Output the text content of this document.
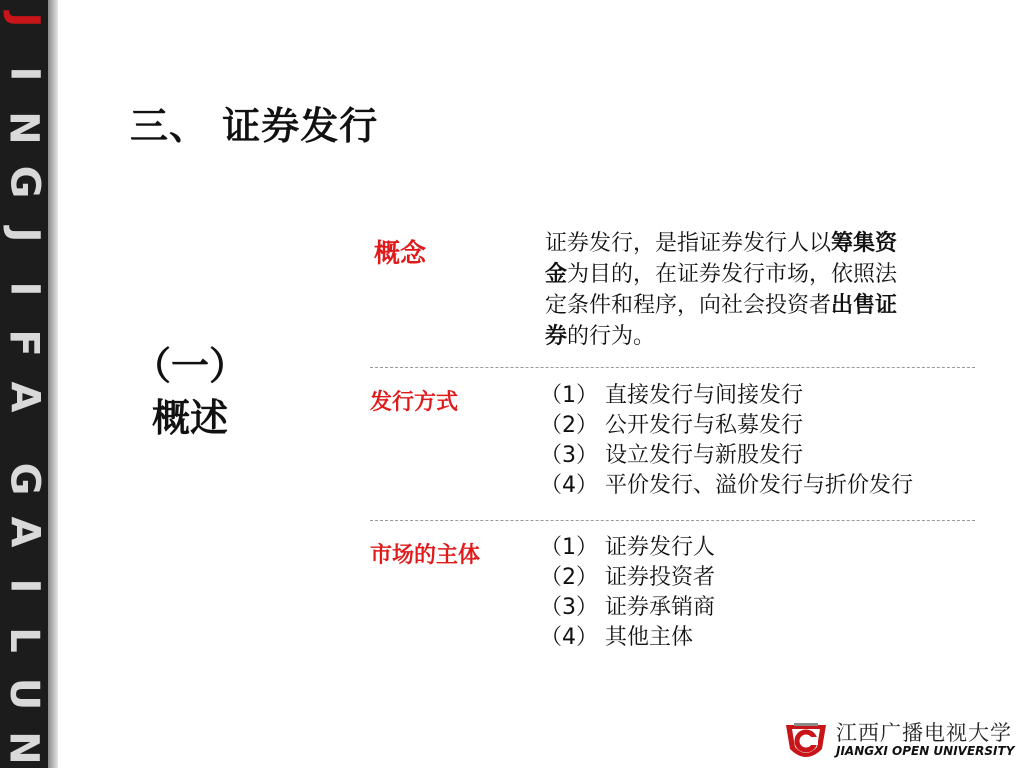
J
I
N
G
J
I
F
A
G
A
I
L
U
N
三、 证券发行
（一）
概述
概念	证券发行，是指证券发行人以筹集资
金为目的，在证券发行市场，依照法
定条件和程序，向社会投资者出售证
券的行为。
发行方式	（1） 直接发行与间接发行
（2） 公开发行与私募发行
（3） 设立发行与新股发行
（4） 平价发行、溢价发行与折价发行
市场的主体	（1） 证券发行人
（2） 证券投资者
（3） 证券承销商
（4） 其他主体
江西广播电视大学
JIANGXI OPEN UNIVERSITY
